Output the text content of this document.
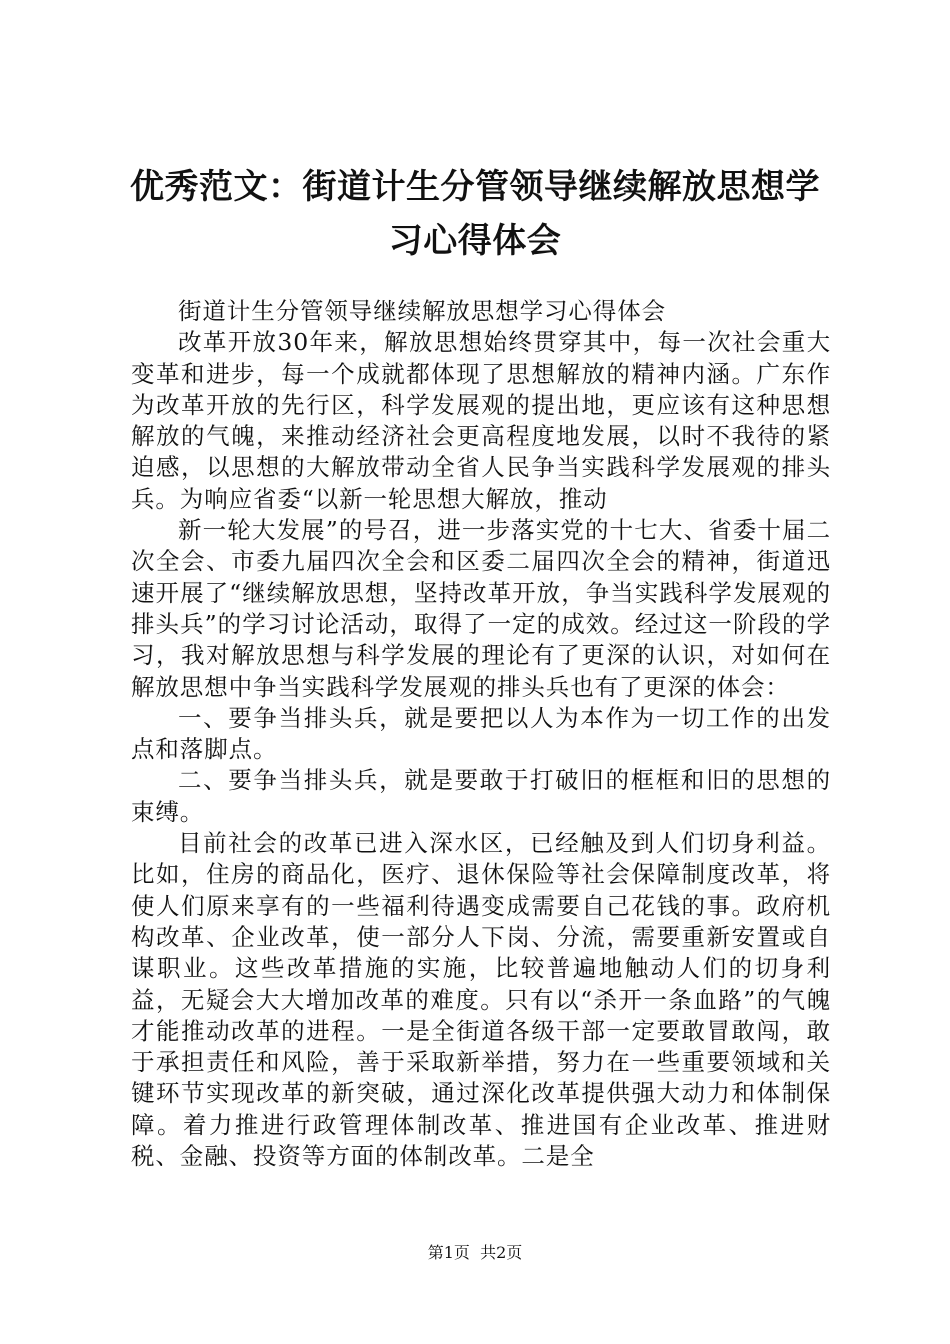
优秀范文：街道计生分管领导继续解放思想学习心得体会

街道计生分管领导继续解放思想学习心得体会

改革开放30年来，解放思想始终贯穿其中，每一次社会重大变革和进步，每一个成就都体现了思想解放的精神内涵。广东作为改革开放的先行区，科学发展观的提出地，更应该有这种思想解放的气魄，来推动经济社会更高程度地发展，以时不我待的紧迫感，以思想的大解放带动全省人民争当实践科学发展观的排头兵。为响应省委“以新一轮思想大解放，推动

新一轮大发展”的号召，进一步落实党的十七大、省委十届二次全会、市委九届四次全会和区委二届四次全会的精神，街道迅速开展了“继续解放思想，坚持改革开放，争当实践科学发展观的排头兵”的学习讨论活动，取得了一定的成效。经过这一阶段的学习，我对解放思想与科学发展的理论有了更深的认识，对如何在解放思想中争当实践科学发展观的排头兵也有了更深的体会：

一、要争当排头兵，就是要把以人为本作为一切工作的出发点和落脚点。

二、要争当排头兵，就是要敢于打破旧的框框和旧的思想的束缚。

目前社会的改革已进入深水区，已经触及到人们切身利益。比如，住房的商品化，医疗、退休保险等社会保障制度改革，将使人们原来享有的一些福利待遇变成需要自己花钱的事。政府机构改革、企业改革，使一部分人下岗、分流，需要重新安置或自谋职业。这些改革措施的实施，比较普遍地触动人们的切身利益，无疑会大大增加改革的难度。只有以“杀开一条血路”的气魄才能推动改革的进程。一是全街道各级干部一定要敢冒敢闯，敢于承担责任和风险，善于采取新举措，努力在一些重要领域和关键环节实现改革的新突破，通过深化改革提供强大动力和体制保障。着力推进行政管理体制改革、推进国有企业改革、推进财税、金融、投资等方面的体制改革。二是全

第1页 共2页
